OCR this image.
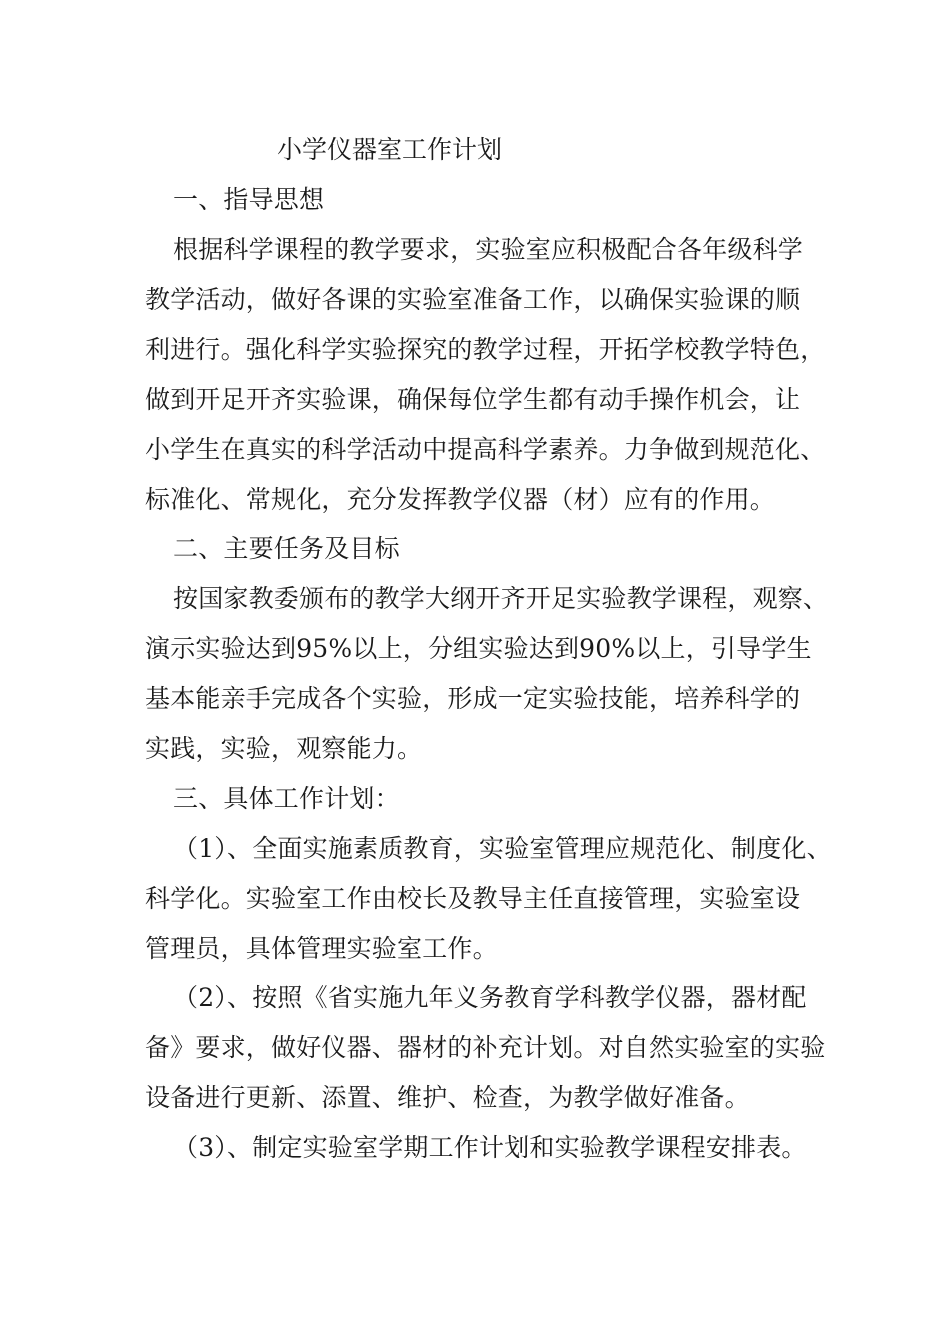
小学仪器室工作计划
一、指导思想
根据科学课程的教学要求，实验室应积极配合各年级科学
教学活动，做好各课的实验室准备工作，以确保实验课的顺
利进行。强化科学实验探究的教学过程，开拓学校教学特色，
做到开足开齐实验课，确保每位学生都有动手操作机会，让
小学生在真实的科学活动中提高科学素养。力争做到规范化、
标准化、常规化，充分发挥教学仪器（材）应有的作用。
二、主要任务及目标
按国家教委颁布的教学大纲开齐开足实验教学课程，观察、
演示实验达到95%以上，分组实验达到90%以上，引导学生
基本能亲手完成各个实验，形成一定实验技能，培养科学的
实践，实验，观察能力。
三、具体工作计划：
（1）、全面实施素质教育，实验室管理应规范化、制度化、
科学化。实验室工作由校长及教导主任直接管理，实验室设
管理员，具体管理实验室工作。
（2）、按照《省实施九年义务教育学科教学仪器，器材配
备》要求，做好仪器、器材的补充计划。对自然实验室的实验
设备进行更新、添置、维护、检查，为教学做好准备。
（3）、制定实验室学期工作计划和实验教学课程安排表。
